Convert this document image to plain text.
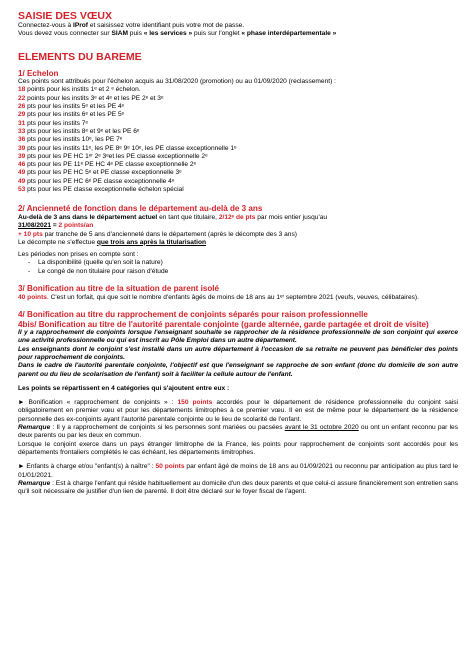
SAISIE DES VŒUX
Connectez-vous à IProf et saisissez votre identifiant puis votre mot de passe.
Vous devez vous connecter sur SIAM puis « les services » puis sur l'onglet « phase interdépartementale »
ELEMENTS DU BAREME
1/ Echelon
Ces points sont attribués pour l'échelon acquis au 31/08/2020 (promotion) ou au 01/09/2020 (reclassement) :
18 points pour les instits 1ᵉ et 2 ᵉ échelon.
22 points pour les instits 3ᵉ et 4ᵉ et les PE 2ᵉ et 3ᵉ
26 pts pour les instits 5ᵉ et les PE 4ᵉ
29 pts pour les instits 6ᵉ et les PE 5ᵉ
31 pts pour les instits 7ᵉ
33 pts pour les instits 8ᵉ et 9ᵉ et les PE 6ᵉ
36 pts pour les instits 10ᵉ, les PE 7ᵉ
39 pts pour les instits 11ᵉ, les PE 8ᵉ 9ᵉ 10ᵉ, les PE classe exceptionnelle 1ᵉ
39 pts pour les PE HC 1ᵉʳ 2ᵉ 3ᵉet les PE classe exceptionnelle 2ᵉ
46 pts pour les PE 11ᵉ PE HC 4ᵉ PE classe exceptionnelle 2ᵉ
49 pts pour les PE HC 5ᵉ et PE classe exceptionnelle 3ᵉ
49 pts pour les PE HC 6ᵉ PE classe exceptionnelle 4ᵉ
53 pts pour les PE classe exceptionnelle échelon spécial
2/ Ancienneté de fonction dans le département au-delà de 3 ans
Au-delà de 3 ans dans le département actuel en tant que titulaire, 2/12ᵉ de pts par mois entier jusqu'au
31/08/2021 = 2 points/an
+ 10 pts par tranche de 5 ans d'ancienneté dans le département (après le décompte des 3 ans)
Le décompte ne s'effectue que trois ans après la titularisation
Les périodes non prises en compte sont :
- La disponibilité (quelle qu'en soit la nature)
- Le congé de non titulaire pour raison d'étude
3/ Bonification au titre de la situation de parent isolé
40 points. C'est un forfait, qui que soit le nombre d'enfants âgés de moins de 18 ans au 1ᵉʳ septembre 2021 (veufs, veuves, célibataires).
4/ Bonification au titre du rapprochement de conjoints séparés pour raison professionnelle
4bis/ Bonification au titre de l'autorité parentale conjointe (garde alternée, garde partagée et droit de visite)
Il y a rapprochement de conjoints lorsque l'enseignant souhaite se rapprocher de la résidence professionnelle de son conjoint qui exerce une activité professionnelle ou qui est inscrit au Pôle Emploi dans un autre département.
Les enseignants dont le conjoint s'est installé dans un autre département à l'occasion de sa retraite ne peuvent pas bénéficier des points pour rapprochement de conjoints.
Dans le cadre de l'autorité parentale conjointe, l'objectif est que l'enseignant se rapproche de son enfant (donc du domicile de son autre parent ou du lieu de scolarisation de l'enfant) soit à faciliter la cellule autour de l'enfant.
Les points se répartissent en 4 catégories qui s'ajoutent entre eux :
► Bonification « rapprochement de conjoints » : 150 points accordés pour le département de résidence professionnelle du conjoint saisi obligatoirement en premier vœu et pour les départements limitrophes à ce premier vœu. Il en est de même pour le département de la résidence personnelle des ex-conjoints ayant l'autorité parentale conjointe ou le lieu de scolarité de l'enfant.
Remarque : Il y a rapprochement de conjoints si les personnes sont mariées ou pacsées avant le 31 octobre 2020 ou ont un enfant reconnu par les deux parents ou par les deux en commun.
Lorsque le conjoint exerce dans un pays étranger limitrophe de la France, les points pour rapprochement de conjoints sont accordés pour les départements frontaliers complétés le cas échéant, les départements limitrophes.
► Enfants à charge et/ou "enfant(s) à naître" : 50 points par enfant âgé de moins de 18 ans au 01/09/2021 ou reconnu par anticipation au plus tard le 01/01/2021.
Remarque : Est à charge l'enfant qui réside habituellement au domicile d'un des deux parents et que celui-ci assure financièrement son entretien sans qu'il soit nécessaire de justifier d'un lien de parenté. Il doit être déclaré sur le foyer fiscal de l'agent.
